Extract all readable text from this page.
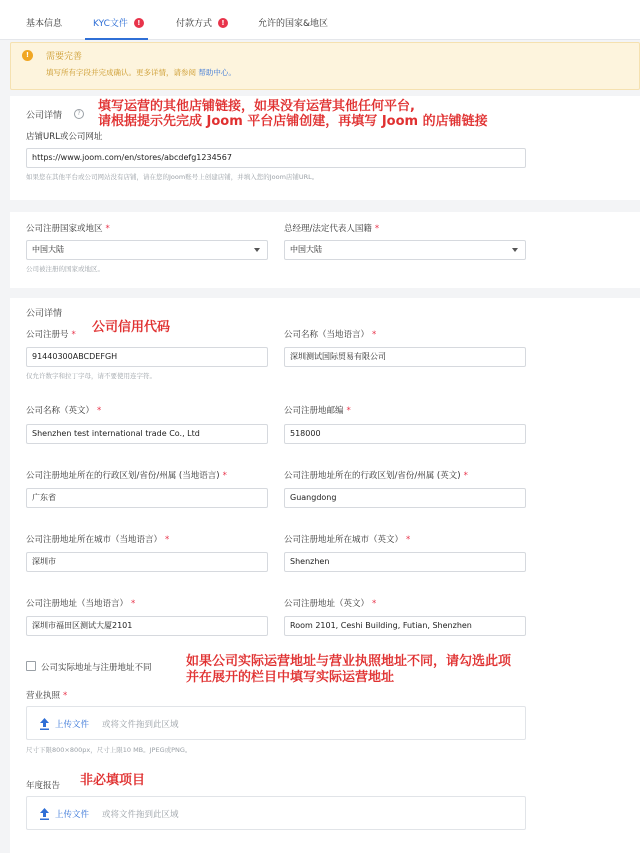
基本信息	KYC文件 !	付款方式 !	允许的国家&地区
!	需要完善
填写所有字段并完成确认。更多详情，请参阅 帮助中心。
公司详情	? 填写运营的其他店铺链接，如果没有运营其他任何平台,
请根据提示先完成 Joom 平台店铺创建，再填写 Joom 的店铺链接
店铺URL或公司网址
https://www.joom.com/en/stores/abcdefg1234567
如果您在其他平台或公司网站没有店铺，请在您的Joom账号上创建店铺，并填入您的Joom店铺URL。
公司注册国家或地区 *
中国大陆
公司被注册的国家或地区。
总经理/法定代表人国籍 *
中国大陆
公司详情
公司注册号 * 公司信用代码
91440300ABCDEFGH
仅允许数字和拉丁字母，请不要使用连字符。
公司名称（当地语言） *
深圳测试国际贸易有限公司
公司名称（英文） *
Shenzhen test international trade Co., Ltd
公司注册地邮编 *
518000
公司注册地址所在的行政区划/省份/州属 (当地语言) *
广东省
公司注册地址所在的行政区划/省份/州属 (英文) *
Guangdong
公司注册地址所在城市（当地语言） *
深圳市
公司注册地址所在城市（英文） *
Shenzhen
公司注册地址（当地语言） *
深圳市福田区测试大厦2101
公司注册地址（英文） *
Room 2101, Ceshi Building, Futian, Shenzhen
公司实际地址与注册地址不同	如果公司实际运营地址与营业执照地址不同，请勾选此项
并在展开的栏目中填写实际运营地址
营业执照 *
上传文件 或将文件拖到此区域
尺寸下限800×800px，尺寸上限10 MB。JPEG或PNG。
年度报告 非必填项目
上传文件 或将文件拖到此区域
